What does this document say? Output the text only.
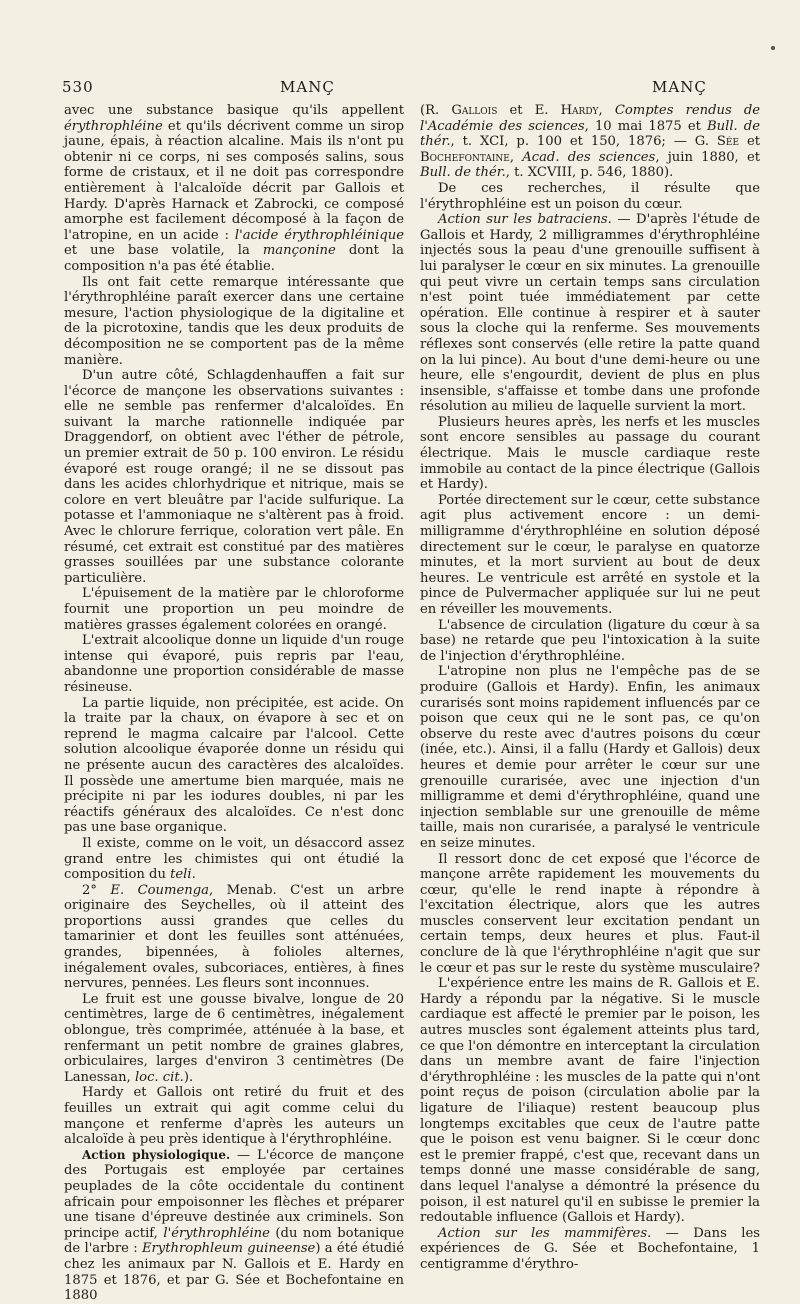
530	MANÇ	MANÇ

avec une substance basique qu'ils appellent érythrophléine et qu'ils décrivent comme un sirop jaune, épais, à réaction alcaline. Mais ils n'ont pu obtenir ni ce corps, ni ses composés salins, sous forme de cristaux, et il ne doit pas correspondre entièrement à l'alcaloïde décrit par Gallois et Hardy. D'après Harnack et Zabrocki, ce composé amorphe est facilement décomposé à la façon de l'atropine, en un acide : l'acide érythrophléinique et une base volatile, la mançonine dont la composition n'a pas été établie.

Ils ont fait cette remarque intéressante que l'érythrophléine paraît exercer dans une certaine mesure, l'action physiologique de la digitaline et de la picrotoxine, tandis que les deux produits de décomposition ne se comportent pas de la même manière.

D'un autre côté, Schlagdenhauffen a fait sur l'écorce de mançone les observations suivantes : elle ne semble pas renfermer d'alcaloïdes. En suivant la marche rationnelle indiquée par Draggendorf, on obtient avec l'éther de pétrole, un premier extrait de 50 p. 100 environ. Le résidu évaporé est rouge orangé; il ne se dissout pas dans les acides chlorhydrique et nitrique, mais se colore en vert bleuâtre par l'acide sulfurique. La potasse et l'ammoniaque ne s'altèrent pas à froid. Avec le chlorure ferrique, coloration vert pâle. En résumé, cet extrait est constitué par des matières grasses souillées par une substance colorante particulière.

L'épuisement de la matière par le chloroforme fournit une proportion un peu moindre de matières grasses également colorées en orangé.

L'extrait alcoolique donne un liquide d'un rouge intense qui évaporé, puis repris par l'eau, abandonne une proportion considérable de masse résineuse.

La partie liquide, non précipitée, est acide. On la traite par la chaux, on évapore à sec et on reprend le magma calcaire par l'alcool. Cette solution alcoolique évaporée donne un résidu qui ne présente aucun des caractères des alcaloïdes. Il possède une amertume bien marquée, mais ne précipite ni par les iodures doubles, ni par les réactifs généraux des alcaloïdes. Ce n'est donc pas une base organique.

Il existe, comme on le voit, un désaccord assez grand entre les chimistes qui ont étudié la composition du teli.

2° E. Coumenga, Menab. C'est un arbre originaire des Seychelles, où il atteint des proportions aussi grandes que celles du tamarinier et dont les feuilles sont atténuées, grandes, bipennées, à folioles alternes, inégalement ovales, subcoriaces, entières, à fines nervures, pennées. Les fleurs sont inconnues.

Le fruit est une gousse bivalve, longue de 20 centimètres, large de 6 centimètres, inégalement oblongue, très comprimée, atténuée à la base, et renfermant un petit nombre de graines glabres, orbiculaires, larges d'environ 3 centimètres (De Lanessan, loc. cit.).

Hardy et Gallois ont retiré du fruit et des feuilles un extrait qui agit comme celui du mançone et renferme d'après les auteurs un alcaloïde à peu près identique à l'érythrophléine.

Action physiologique. — L'écorce de mançone des Portugais est employée par certaines peuplades de la côte occidentale du continent africain pour empoisonner les flèches et préparer une tisane d'épreuve destinée aux criminels. Son principe actif, l'érythrophléine (du nom botanique de l'arbre : Erythrophleum guineense) a été étudié chez les animaux par N. Gallois et E. Hardy en 1875 et 1876, et par G. Sée et Bochefontaine en 1880

(R. Gallois et E. Hardy, Comptes rendus de l'Académie des sciences, 10 mai 1875 et Bull. de thér., t. XCI, p. 100 et 150, 1876; — G. Sée et Bochefontaine, Acad. des sciences, juin 1880, et Bull. de thér., t. XCVIII, p. 546, 1880).

De ces recherches, il résulte que l'érythrophléine est un poison du cœur.

Action sur les batraciens. — D'après l'étude de Gallois et Hardy, 2 milligrammes d'érythrophléine injectés sous la peau d'une grenouille suffisent à lui paralyser le cœur en six minutes. La grenouille qui peut vivre un certain temps sans circulation n'est point tuée immédiatement par cette opération. Elle continue à respirer et à sauter sous la cloche qui la renferme. Ses mouvements réflexes sont conservés (elle retire la patte quand on la lui pince). Au bout d'une demi-heure ou une heure, elle s'engourdit, devient de plus en plus insensible, s'affaisse et tombe dans une profonde résolution au milieu de laquelle survient la mort.

Plusieurs heures après, les nerfs et les muscles sont encore sensibles au passage du courant électrique. Mais le muscle cardiaque reste immobile au contact de la pince électrique (Gallois et Hardy).

Portée directement sur le cœur, cette substance agit plus activement encore : un demi-milligramme d'érythrophléine en solution déposé directement sur le cœur, le paralyse en quatorze minutes, et la mort survient au bout de deux heures. Le ventricule est arrêté en systole et la pince de Pulvermacher appliquée sur lui ne peut en réveiller les mouvements.

L'absence de circulation (ligature du cœur à sa base) ne retarde que peu l'intoxication à la suite de l'injection d'érythrophléine.

L'atropine non plus ne l'empêche pas de se produire (Gallois et Hardy). Enfin, les animaux curarisés sont moins rapidement influencés par ce poison que ceux qui ne le sont pas, ce qu'on observe du reste avec d'autres poisons du cœur (inée, etc.). Ainsi, il a fallu (Hardy et Gallois) deux heures et demie pour arrêter le cœur sur une grenouille curarisée, avec une injection d'un milligramme et demi d'érythrophléine, quand une injection semblable sur une grenouille de même taille, mais non curarisée, a paralysé le ventricule en seize minutes.

Il ressort donc de cet exposé que l'écorce de mançone arrête rapidement les mouvements du cœur, qu'elle le rend inapte à répondre à l'excitation électrique, alors que les autres muscles conservent leur excitation pendant un certain temps, deux heures et plus. Faut-il conclure de là que l'érythrophléine n'agit que sur le cœur et pas sur le reste du système musculaire?

L'expérience entre les mains de R. Gallois et E. Hardy a répondu par la négative. Si le muscle cardiaque est affecté le premier par le poison, les autres muscles sont également atteints plus tard, ce que l'on démontre en interceptant la circulation dans un membre avant de faire l'injection d'érythrophléine : les muscles de la patte qui n'ont point reçus de poison (circulation abolie par la ligature de l'iliaque) restent beaucoup plus longtemps excitables que ceux de l'autre patte que le poison est venu baigner. Si le cœur donc est le premier frappé, c'est que, recevant dans un temps donné une masse considérable de sang, dans lequel l'analyse a démontré la présence du poison, il est naturel qu'il en subisse le premier la redoutable influence (Gallois et Hardy).

Action sur les mammifères. — Dans les expériences de G. Sée et Bochefontaine, 1 centigramme d'érythro-
